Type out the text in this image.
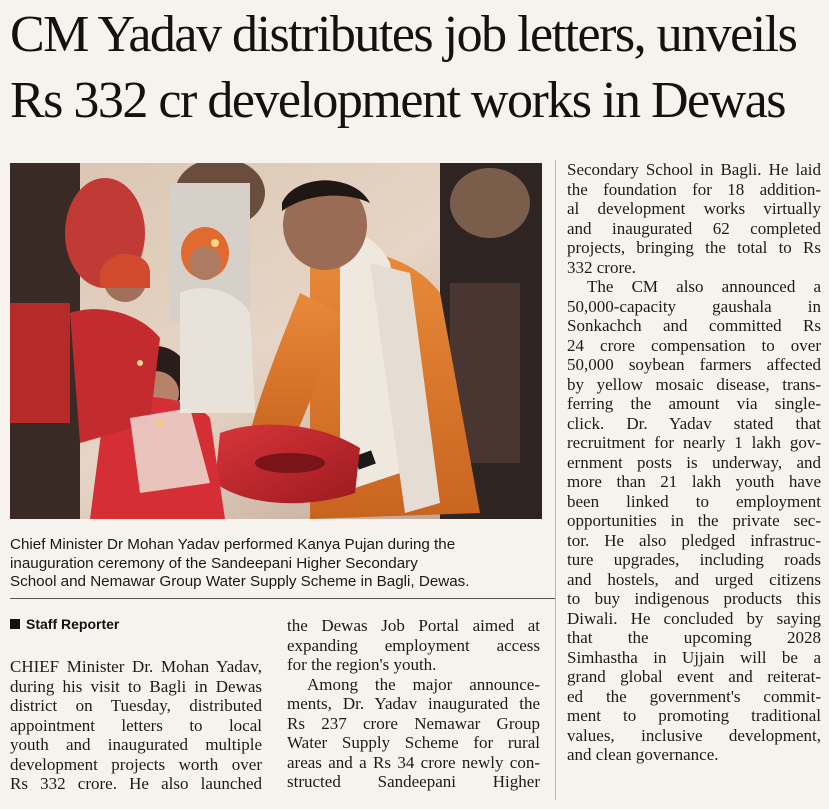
CM Yadav distributes job letters, unveils
Rs 332 cr development works in Dewas

Chief Minister Dr Mohan Yadav performed Kanya Pujan during the
inauguration ceremony of the Sandeepani Higher Secondary
School and Nemawar Group Water Supply Scheme in Bagli, Dewas.

Staff Reporter
CHIEF Minister Dr. Mohan Yadav,
during his visit to Bagli in Dewas
district on Tuesday, distributed
appointment letters to local
youth and inaugurated multiple
development projects worth over
Rs 332 crore. He also launched
the Dewas Job Portal aimed at
expanding employment access
for the region's youth.
Among the major announce-
ments, Dr. Yadav inaugurated the
Rs 237 crore Nemawar Group
Water Supply Scheme for rural
areas and a Rs 34 crore newly con-
structed Sandeepani Higher
Secondary School in Bagli. He laid
the foundation for 18 addition-
al development works virtually
and inaugurated 62 completed
projects, bringing the total to Rs
332 crore.
The CM also announced a
50,000-capacity gaushala in
Sonkachch and committed Rs
24 crore compensation to over
50,000 soybean farmers affected
by yellow mosaic disease, trans-
ferring the amount via single-
click. Dr. Yadav stated that
recruitment for nearly 1 lakh gov-
ernment posts is underway, and
more than 21 lakh youth have
been linked to employment
opportunities in the private sec-
tor. He also pledged infrastruc-
ture upgrades, including roads
and hostels, and urged citizens
to buy indigenous products this
Diwali. He concluded by saying
that the upcoming 2028
Simhastha in Ujjain will be a
grand global event and reiterat-
ed the government's commit-
ment to promoting traditional
values, inclusive development,
and clean governance.
